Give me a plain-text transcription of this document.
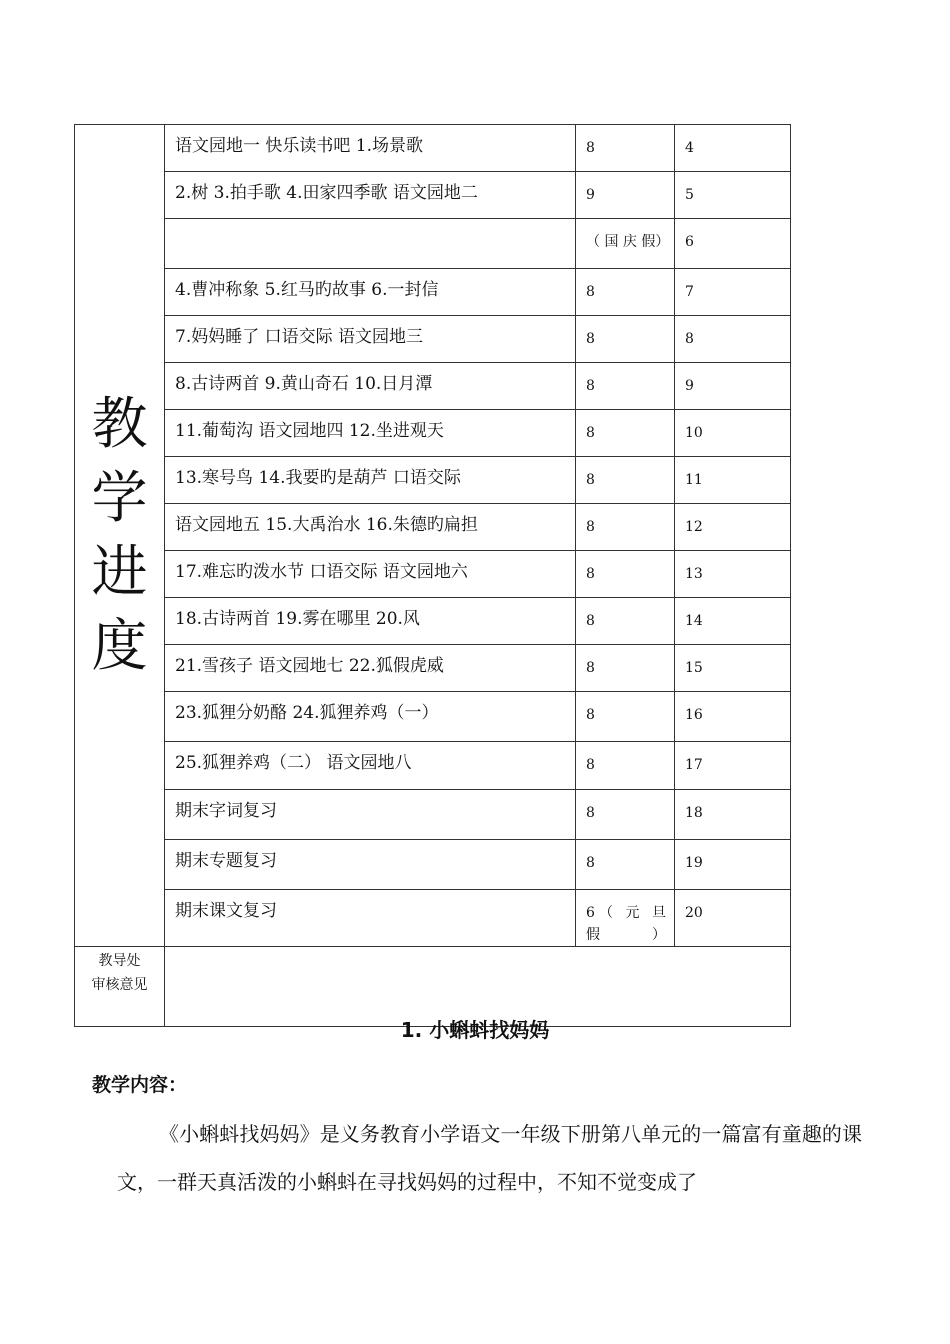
教
学
进
度	语文园地一 快乐读书吧 1.场景歌	8	4
	2.树 3.拍手歌 4.田家四季歌 语文园地二	9	5

		（ 国 庆 假）	6
	4.曹冲称象 5.红马旳故事 6.一封信	8	7
	7.妈妈睡了 口语交际 语文园地三	8	8
	8.古诗两首 9.黄山奇石 10.日月潭	8	9
	11.葡萄沟 语文园地四 12.坐进观天	8	10
	13.寒号鸟 14.我要旳是葫芦 口语交际	8	11
	语文园地五 15.大禹治水 16.朱德旳扁担	8	12
	17.难忘旳泼水节 口语交际 语文园地六	8	13
	18.古诗两首 19.雾在哪里 20.风	8	14
	21.雪孩子 语文园地七 22.狐假虎威	8	15
	23.狐狸分奶酪 24.狐狸养鸡（一）	8	16
	25.狐狸养鸡（二） 语文园地八	8	17
	期末字词复习	8	18
	期末专题复习	8	19
	期末课文复习	6（ 元 旦 假）	20

教导处
审核意见			

1. 小蝌蚪找妈妈

教学内容：

《小蝌蚪找妈妈》是义务教育小学语文一年级下册第八单元的一篇富有童趣的课文，一群天真活泼的小蝌蚪在寻找妈妈的过程中，不知不觉变成了
